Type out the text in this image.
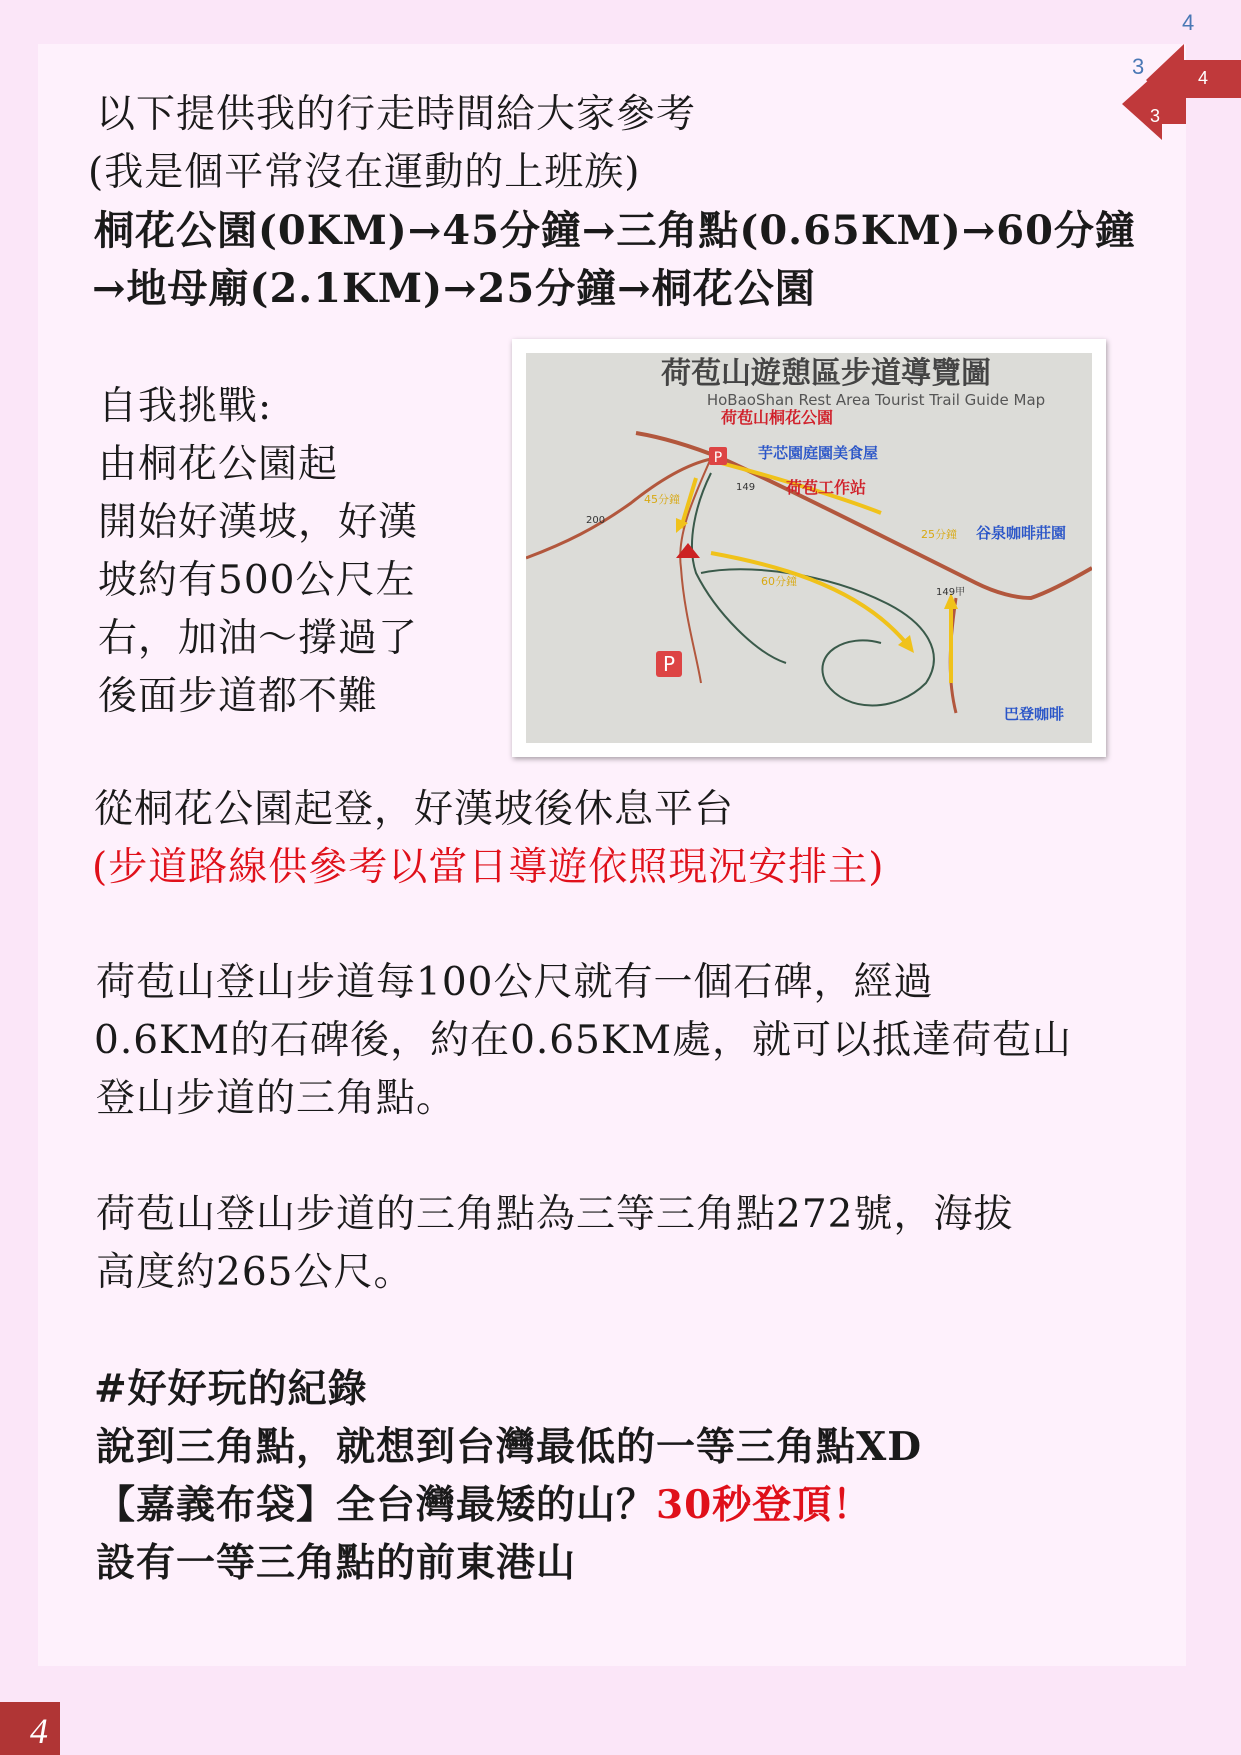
4
3	4
3
以下提供我的行走時間給大家參考
(我是個平常沒在運動的上班族)
桐花公園(0KM)→45分鐘→三角點(0.65KM)→60分鐘
→地母廟(2.1KM)→25分鐘→桐花公園
自我挑戰:
由桐花公園起
開始好漢坡，好漢
坡約有500公尺左
右，加油～撐過了
後面步道都不難
荷苞山遊憩區步道導覽圖
HoBaoShan Rest Area Tourist Trail Guide Map
P
P
荷苞山桐花公園
芋芯園庭園美食屋
荷苞工作站
谷泉咖啡莊園
巴登咖啡
45分鐘
60分鐘
25分鐘
149
149甲
200
從桐花公園起登，好漢坡後休息平台
(步道路線供參考以當日導遊依照現況安排主)
荷苞山登山步道每100公尺就有一個石碑，經過
0.6KM的石碑後，約在0.65KM處，就可以抵達荷苞山
登山步道的三角點。
荷苞山登山步道的三角點為三等三角點272號，海拔
高度約265公尺。
#好好玩的紀錄
說到三角點，就想到台灣最低的一等三角點XD
【嘉義布袋】全台灣最矮的山？30秒登頂！
設有一等三角點的前東港山
4
